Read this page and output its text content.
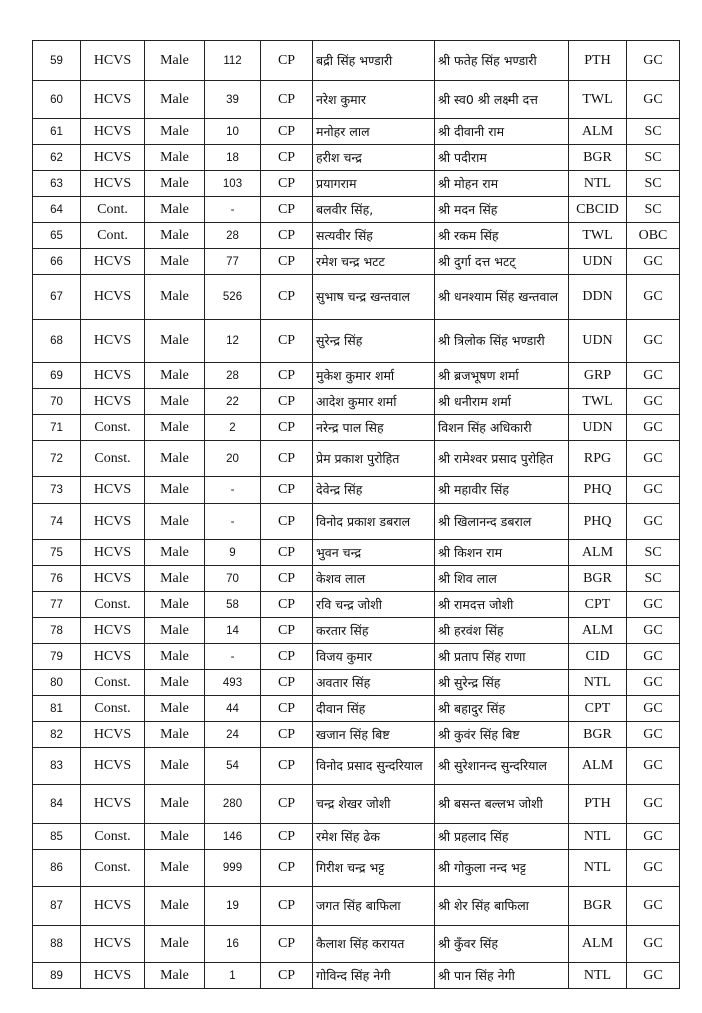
59	HCVS	Male	112	CP	बद्री सिंह भण्डारी	श्री फतेह सिंह भण्डारी	PTH	GC
60	HCVS	Male	39	CP	नरेश कुमार	श्री स्व0 श्री लक्ष्मी दत्त	TWL	GC
61	HCVS	Male	10	CP	मनोहर लाल	श्री दीवानी राम	ALM	SC
62	HCVS	Male	18	CP	हरीश चन्द्र	श्री पदीराम	BGR	SC
63	HCVS	Male	103	CP	प्रयागराम	श्री मोहन राम	NTL	SC
64	Cont.	Male	-	CP	बलवीर सिंह,	श्री मदन सिंह	CBCID	SC
65	Cont.	Male	28	CP	सत्यवीर सिंह	श्री रकम सिंह	TWL	OBC
66	HCVS	Male	77	CP	रमेश चन्द्र भटट	श्री दुर्गा दत्त भटट्	UDN	GC
67	HCVS	Male	526	CP	सुभाष चन्द्र खन्तवाल	श्री धनश्याम सिंह खन्तवाल	DDN	GC
68	HCVS	Male	12	CP	सुरेन्द्र सिंह	श्री त्रिलोक सिंह भण्डारी	UDN	GC
69	HCVS	Male	28	CP	मुकेश कुमार शर्मा	श्री ब्रजभूषण शर्मा	GRP	GC
70	HCVS	Male	22	CP	आदेश कुमार शर्मा	श्री धनीराम शर्मा	TWL	GC
71	Const.	Male	2	CP	नरेन्द्र पाल सिह	विशन सिंह अधिकारी	UDN	GC
72	Const.	Male	20	CP	प्रेम प्रकाश पुरोहित	श्री रामेश्वर प्रसाद पुरोहित	RPG	GC
73	HCVS	Male	-	CP	देवेन्द्र सिंह	श्री महावीर सिंह	PHQ	GC
74	HCVS	Male	-	CP	विनोद प्रकाश डबराल	श्री खिलानन्द डबराल	PHQ	GC
75	HCVS	Male	9	CP	भुवन चन्द्र	श्री किशन राम	ALM	SC
76	HCVS	Male	70	CP	केशव लाल	श्री शिव लाल	BGR	SC
77	Const.	Male	58	CP	रवि चन्द्र जोशी	श्री रामदत्त जोशी	CPT	GC
78	HCVS	Male	14	CP	करतार सिंह	श्री हरवंश सिंह	ALM	GC
79	HCVS	Male	-	CP	विजय कुमार	श्री प्रताप सिंह राणा	CID	GC
80	Const.	Male	493	CP	अवतार सिंह	श्री सुरेन्द्र सिंह	NTL	GC
81	Const.	Male	44	CP	दीवान सिंह	श्री बहादुर सिंह	CPT	GC
82	HCVS	Male	24	CP	खजान सिंह बिष्ट	श्री कुवंर सिंह बिष्ट	BGR	GC
83	HCVS	Male	54	CP	विनोद प्रसाद सुन्दरियाल	श्री सुरेशानन्द सुन्दरियाल	ALM	GC
84	HCVS	Male	280	CP	चन्द्र शेखर जोशी	श्री बसन्त बल्लभ जोशी	PTH	GC
85	Const.	Male	146	CP	रमेश सिंह ढेक	श्री प्रहलाद सिंह	NTL	GC
86	Const.	Male	999	CP	गिरीश चन्द्र भट्ट	श्री गोकुला नन्द भट्ट	NTL	GC
87	HCVS	Male	19	CP	जगत सिंह बाफिला	श्री शेर सिंह बाफिला	BGR	GC
88	HCVS	Male	16	CP	कैलाश सिंह करायत	श्री कुँवर सिंह	ALM	GC
89	HCVS	Male	1	CP	गोविन्द सिंह नेगी	श्री पान सिंह नेगी	NTL	GC
